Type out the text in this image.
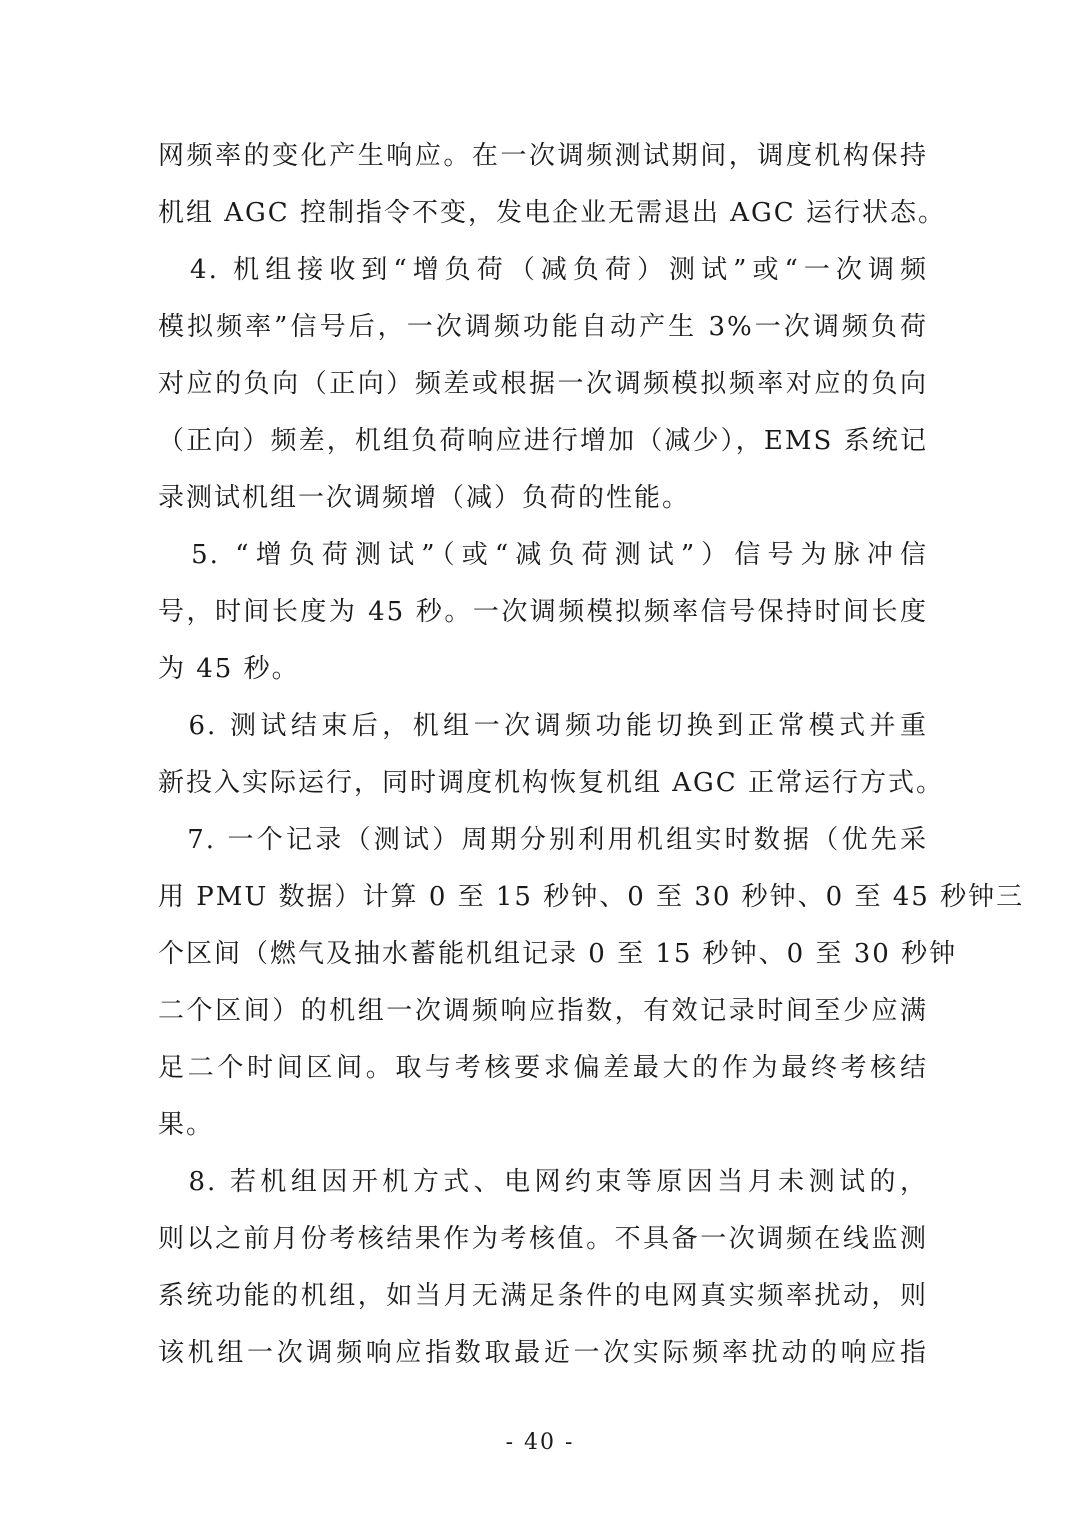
网频率的变化产生响应。在一次调频测试期间，调度机构保持
机组 AGC 控制指令不变，发电企业无需退出 AGC 运行状态。
　4. 机组接收到“增负荷（减负荷）测试”或“一次调频
模拟频率”信号后，一次调频功能自动产生 3%一次调频负荷
对应的负向（正向）频差或根据一次调频模拟频率对应的负向
（正向）频差，机组负荷响应进行增加（减少），EMS 系统记
录测试机组一次调频增（减）负荷的性能。
　5. “增负荷测试”（或“减负荷测试”）信号为脉冲信
号，时间长度为 45 秒。一次调频模拟频率信号保持时间长度
为 45 秒。
　6. 测试结束后，机组一次调频功能切换到正常模式并重
新投入实际运行，同时调度机构恢复机组 AGC 正常运行方式。
　7. 一个记录（测试）周期分别利用机组实时数据（优先采
用 PMU 数据）计算 0 至 15 秒钟、0 至 30 秒钟、0 至 45 秒钟三
个区间（燃气及抽水蓄能机组记录 0 至 15 秒钟、0 至 30 秒钟
二个区间）的机组一次调频响应指数，有效记录时间至少应满
足二个时间区间。取与考核要求偏差最大的作为最终考核结
果。
　8. 若机组因开机方式、电网约束等原因当月未测试的，
则以之前月份考核结果作为考核值。不具备一次调频在线监测
系统功能的机组，如当月无满足条件的电网真实频率扰动，则
该机组一次调频响应指数取最近一次实际频率扰动的响应指
- 40 -
